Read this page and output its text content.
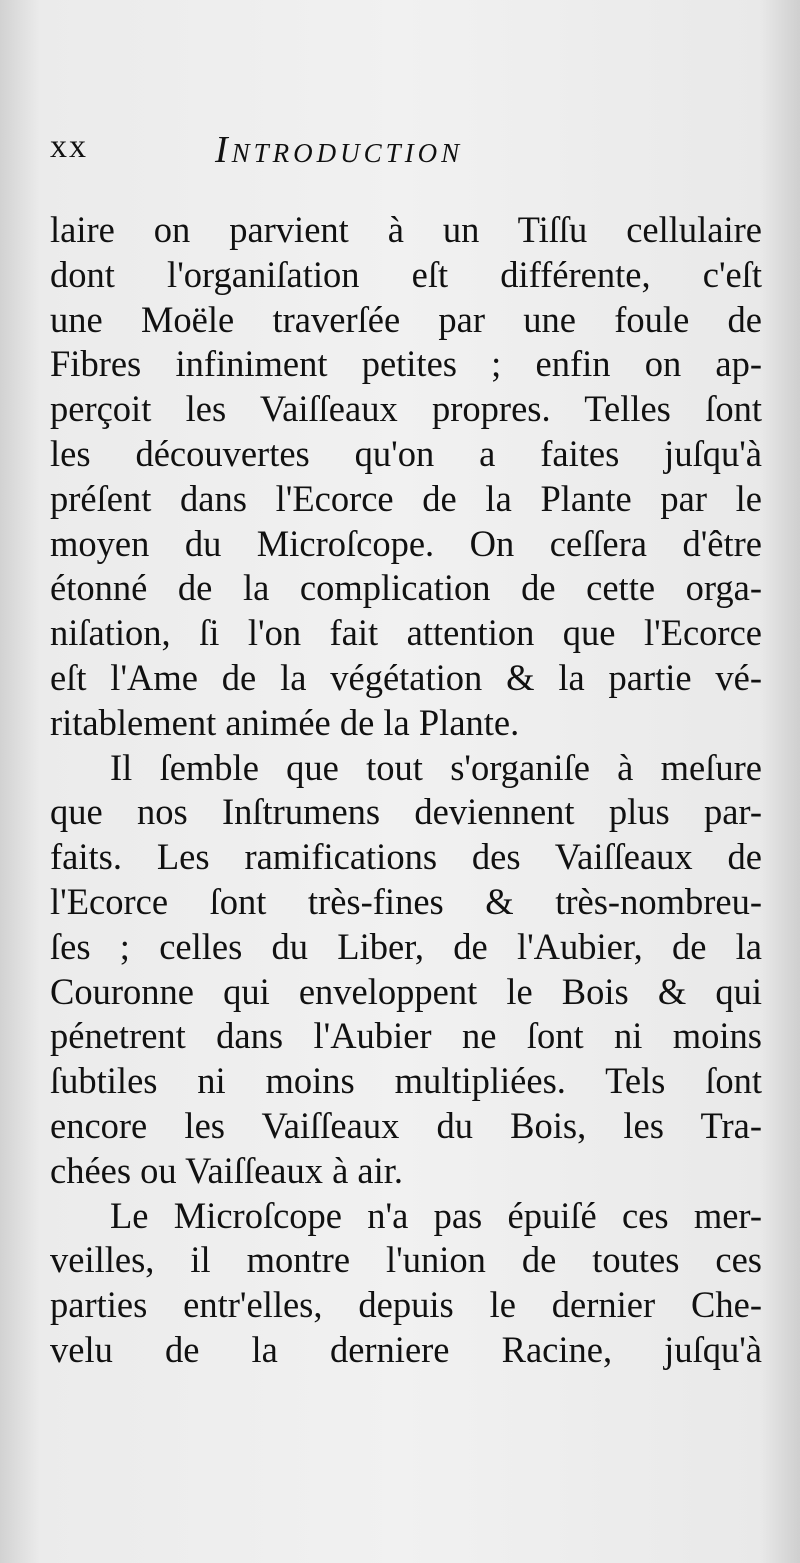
xx	Introduction
laire on parvient à un Tiſſu cellulaire
dont l'organiſation eſt différente, c'eſt
une Moële traverſée par une foule de
Fibres infiniment petites ; enfin on ap-
perçoit les Vaiſſeaux propres. Telles ſont
les découvertes qu'on a faites juſqu'à
préſent dans l'Ecorce de la Plante par le
moyen du Microſcope. On ceſſera d'être
étonné de la complication de cette orga-
niſation, ſi l'on fait attention que l'Ecorce
eſt l'Ame de la végétation & la partie vé-
ritablement animée de la Plante.
Il ſemble que tout s'organiſe à meſure
que nos Inſtrumens deviennent plus par-
faits. Les ramifications des Vaiſſeaux de
l'Ecorce ſont très-fines & très-nombreu-
ſes ; celles du Liber, de l'Aubier, de la
Couronne qui enveloppent le Bois & qui
pénetrent dans l'Aubier ne ſont ni moins
ſubtiles ni moins multipliées. Tels ſont
encore les Vaiſſeaux du Bois, les Tra-
chées ou Vaiſſeaux à air.
Le Microſcope n'a pas épuiſé ces mer-
veilles, il montre l'union de toutes ces
parties entr'elles, depuis le dernier Che-
velu de la derniere Racine, juſqu'à
